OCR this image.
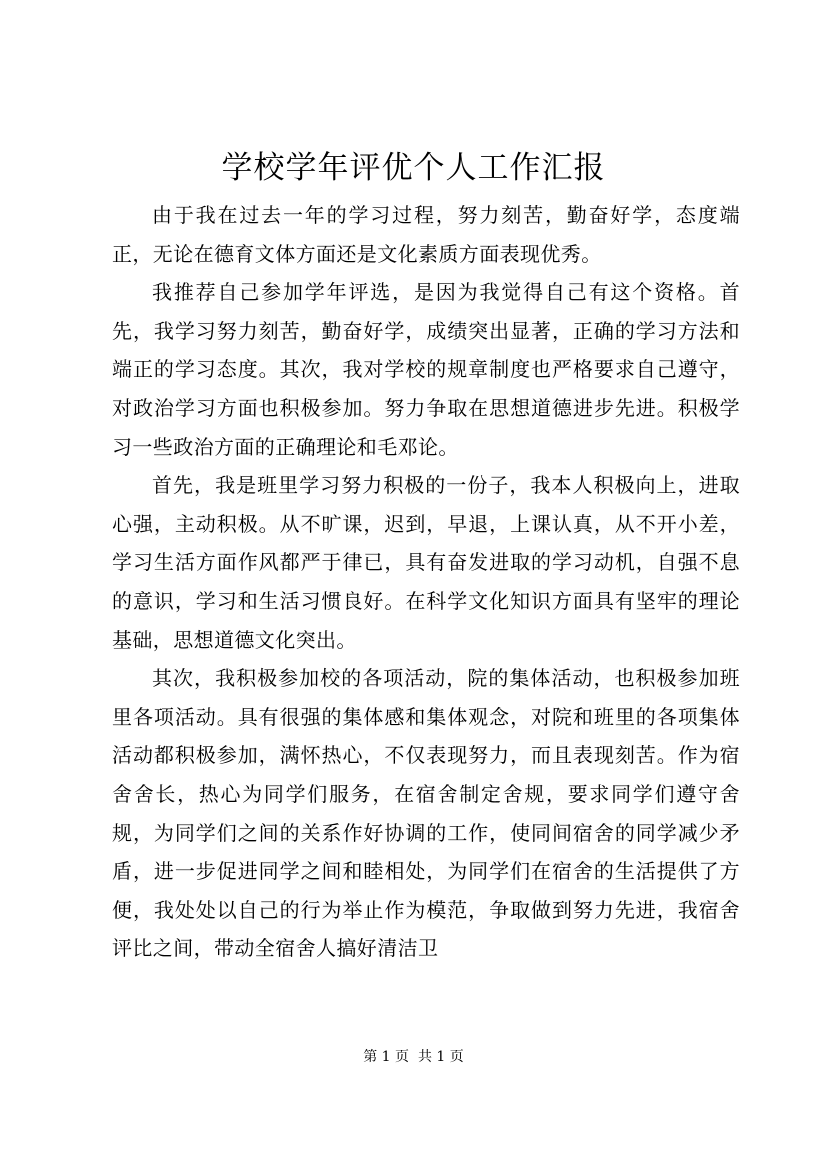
学校学年评优个人工作汇报

由于我在过去一年的学习过程，努力刻苦，勤奋好学，态度端正，无论在德育文体方面还是文化素质方面表现优秀。

我推荐自己参加学年评选，是因为我觉得自己有这个资格。首先，我学习努力刻苦，勤奋好学，成绩突出显著，正确的学习方法和端正的学习态度。其次，我对学校的规章制度也严格要求自己遵守，对政治学习方面也积极参加。努力争取在思想道德进步先进。积极学习一些政治方面的正确理论和毛邓论。

首先，我是班里学习努力积极的一份子，我本人积极向上，进取心强，主动积极。从不旷课，迟到，早退，上课认真，从不开小差，学习生活方面作风都严于律已，具有奋发进取的学习动机，自强不息的意识，学习和生活习惯良好。在科学文化知识方面具有坚牢的理论基础，思想道德文化突出。

其次，我积极参加校的各项活动，院的集体活动，也积极参加班里各项活动。具有很强的集体感和集体观念，对院和班里的各项集体活动都积极参加，满怀热心，不仅表现努力，而且表现刻苦。作为宿舍舍长，热心为同学们服务，在宿舍制定舍规，要求同学们遵守舍规，为同学们之间的关系作好协调的工作，使同间宿舍的同学减少矛盾，进一步促进同学之间和睦相处，为同学们在宿舍的生活提供了方便，我处处以自己的行为举止作为模范，争取做到努力先进，我宿舍评比之间，带动全宿舍人搞好清洁卫

第 1 页  共 1 页
